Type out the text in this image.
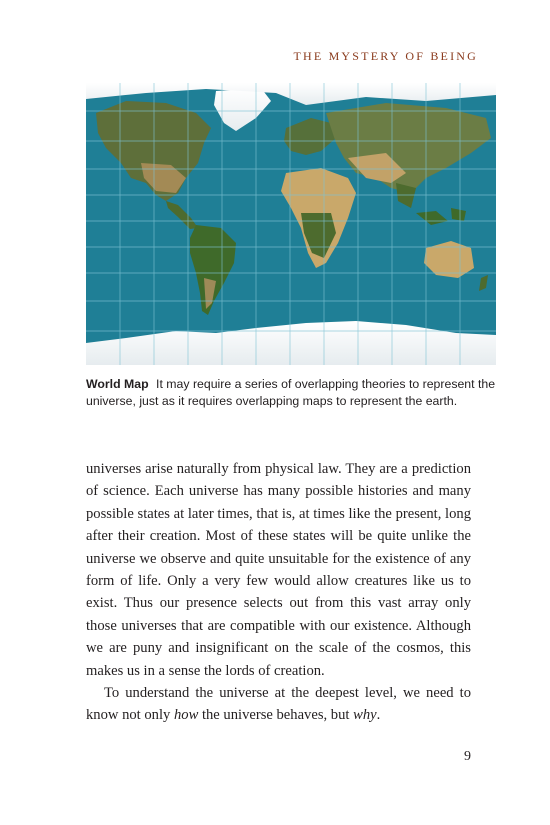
THE MYSTERY OF BEING
World Map It may require a series of overlapping theories to represent the universe, just as it requires overlapping maps to represent the earth.

universes arise naturally from physical law. They are a prediction of science. Each universe has many possible histories and many possible states at later times, that is, at times like the present, long after their creation. Most of these states will be quite unlike the universe we observe and quite unsuitable for the existence of any form of life. Only a very few would allow creatures like us to exist. Thus our presence selects out from this vast array only those universes that are compatible with our existence. Although we are puny and insignificant on the scale of the cosmos, this makes us in a sense the lords of creation.

To understand the universe at the deepest level, we need to know not only how the universe behaves, but why.

9
